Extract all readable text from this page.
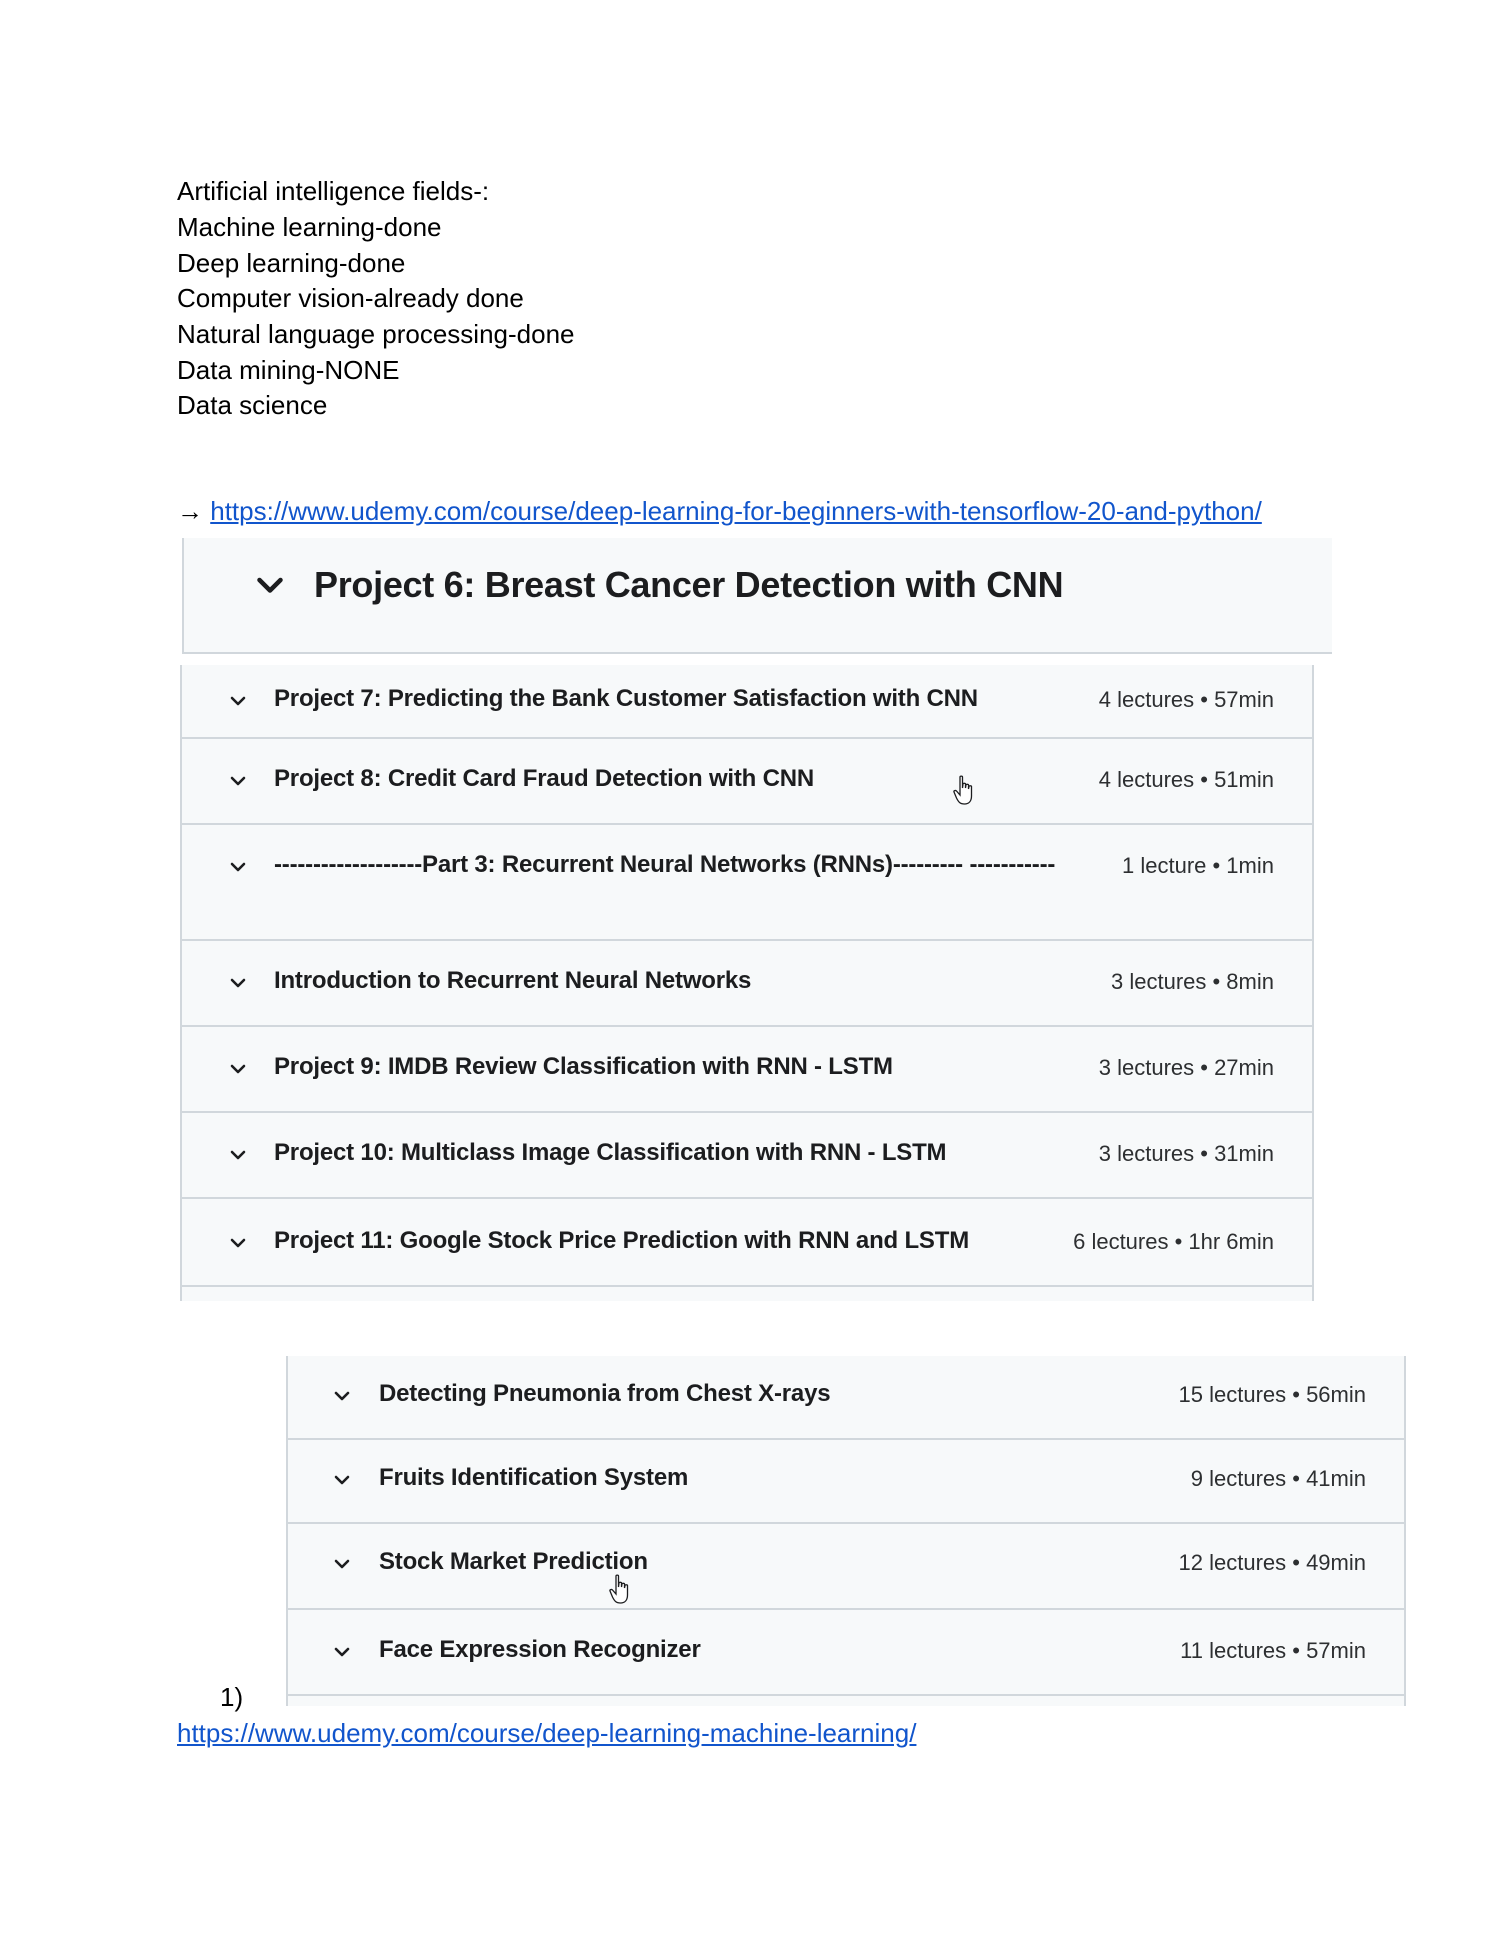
Artificial intelligence fields-:
Machine learning-done
Deep learning-done
Computer vision-already done
Natural language processing-done
Data mining-NONE
Data science
→ https://www.udemy.com/course/deep-learning-for-beginners-with-tensorflow-20-and-python/
Project 6: Breast Cancer Detection with CNN
Project 7: Predicting the Bank Customer Satisfaction with CNN	4 lectures • 57min
Project 8: Credit Card Fraud Detection with CNN	4 lectures • 51min
-------------------Part 3: Recurrent Neural Networks (RNNs)--------- -----------	1 lecture • 1min
Introduction to Recurrent Neural Networks	3 lectures • 8min
Project 9: IMDB Review Classification with RNN - LSTM	3 lectures • 27min
Project 10: Multiclass Image Classification with RNN - LSTM	3 lectures • 31min
Project 11: Google Stock Price Prediction with RNN and LSTM	6 lectures • 1hr 6min
Detecting Pneumonia from Chest X-rays	15 lectures • 56min
Fruits Identification System	9 lectures • 41min
Stock Market Prediction	12 lectures • 49min
Face Expression Recognizer	11 lectures • 57min
1)
https://www.udemy.com/course/deep-learning-machine-learning/
